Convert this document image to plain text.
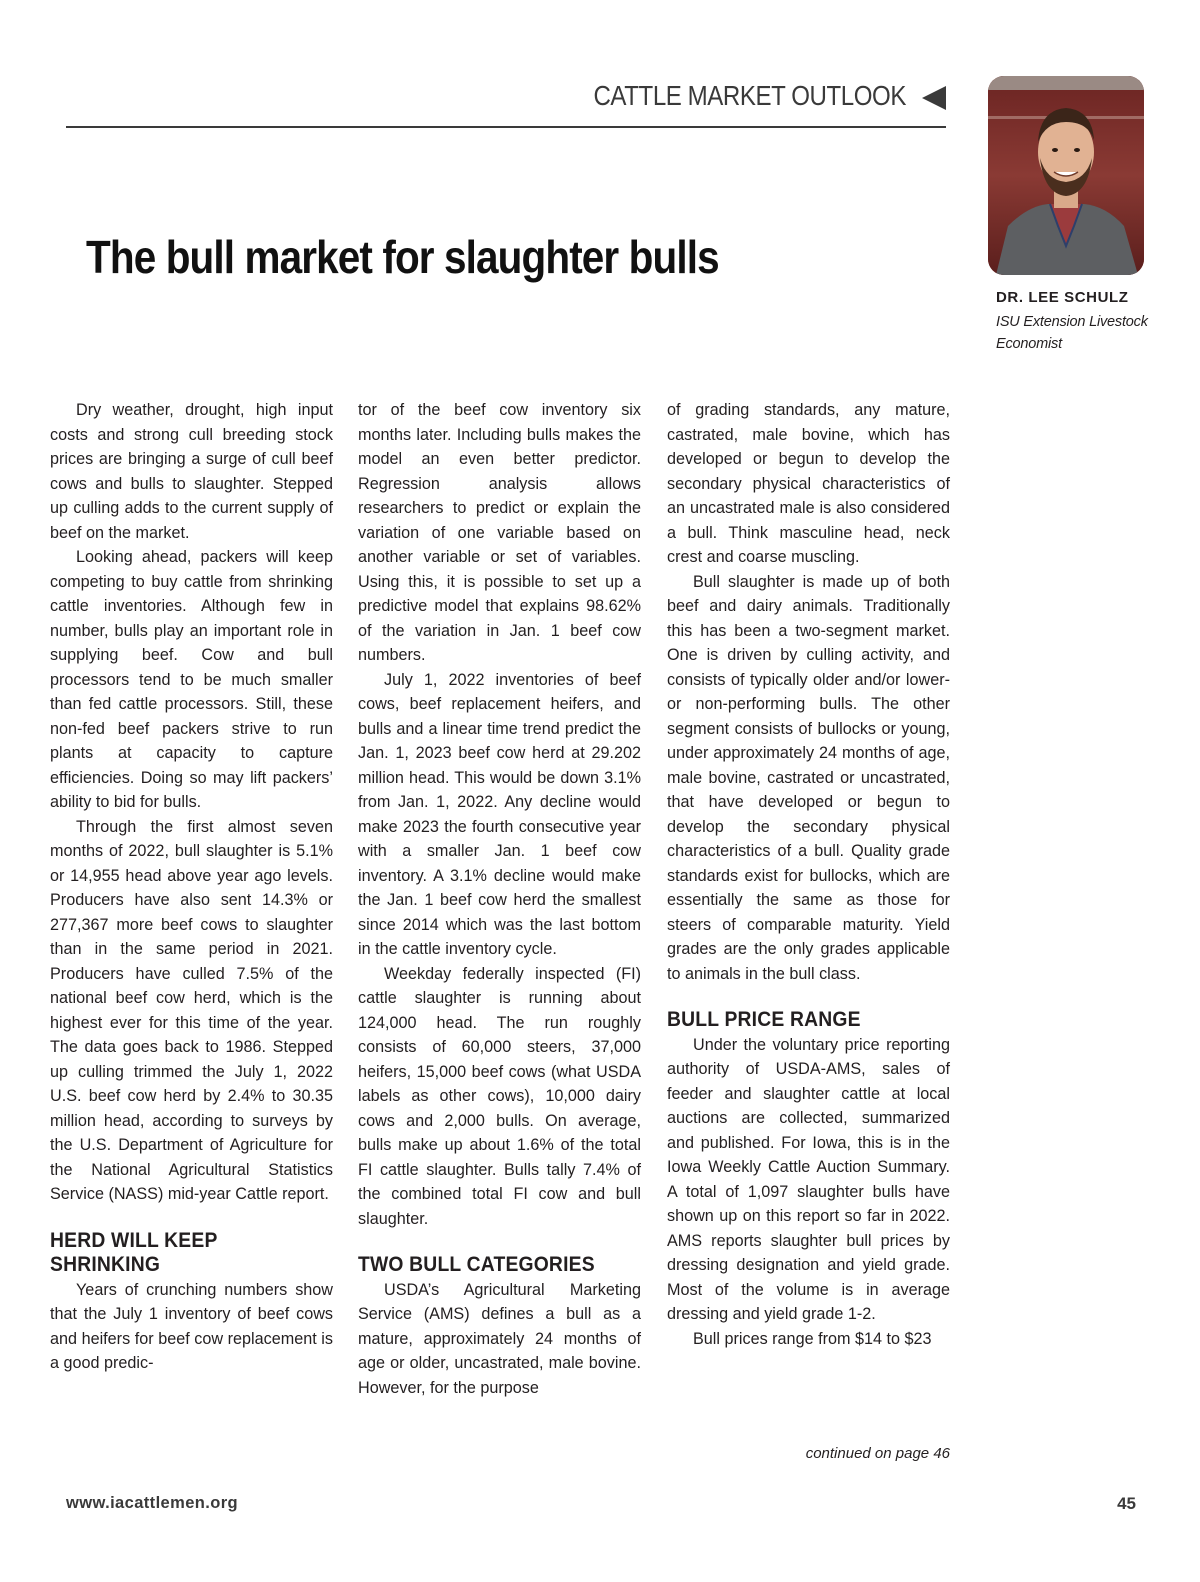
CATTLE MARKET OUTLOOK
DR. LEE SCHULZ
ISU Extension Livestock Economist
The bull market for slaughter bulls

Dry weather, drought, high input costs and strong cull breeding stock prices are bringing a surge of cull beef cows and bulls to slaughter. Stepped up culling adds to the current supply of beef on the market.

Looking ahead, packers will keep competing to buy cattle from shrinking cattle inventories. Although few in number, bulls play an important role in supplying beef. Cow and bull processors tend to be much smaller than fed cattle processors. Still, these non-fed beef packers strive to run plants at capacity to capture efficiencies. Doing so may lift packers’ ability to bid for bulls.

Through the first almost seven months of 2022, bull slaughter is 5.1% or 14,955 head above year ago levels. Producers have also sent 14.3% or 277,367 more beef cows to slaughter than in the same period in 2021. Producers have culled 7.5% of the national beef cow herd, which is the highest ever for this time of the year. The data goes back to 1986. Stepped up culling trimmed the July 1, 2022 U.S. beef cow herd by 2.4% to 30.35 million head, according to surveys by the U.S. Department of Agriculture for the National Agricultural Statistics Service (NASS) mid-year Cattle report.

HERD WILL KEEP SHRINKING

Years of crunching numbers show that the July 1 inventory of beef cows and heifers for beef cow replacement is a good predic-

tor of the beef cow inventory six months later. Including bulls makes the model an even better predictor. Regression analysis allows researchers to predict or explain the variation of one variable based on another variable or set of variables. Using this, it is possible to set up a predictive model that explains 98.62% of the variation in Jan. 1 beef cow numbers.

July 1, 2022 inventories of beef cows, beef replacement heifers, and bulls and a linear time trend predict the Jan. 1, 2023 beef cow herd at 29.202 million head. This would be down 3.1% from Jan. 1, 2022. Any decline would make 2023 the fourth consecutive year with a smaller Jan. 1 beef cow inventory. A 3.1% decline would make the Jan. 1 beef cow herd the smallest since 2014 which was the last bottom in the cattle inventory cycle.

Weekday federally inspected (FI) cattle slaughter is running about 124,000 head. The run roughly consists of 60,000 steers, 37,000 heifers, 15,000 beef cows (what USDA labels as other cows), 10,000 dairy cows and 2,000 bulls. On average, bulls make up about 1.6% of the total FI cattle slaughter. Bulls tally 7.4% of the combined total FI cow and bull slaughter.

TWO BULL CATEGORIES

USDA’s Agricultural Marketing Service (AMS) defines a bull as a mature, approximately 24 months of age or older, uncastrated, male bovine. However, for the purpose

of grading standards, any mature, castrated, male bovine, which has developed or begun to develop the secondary physical characteristics of an uncastrated male is also considered a bull. Think masculine head, neck crest and coarse muscling.

Bull slaughter is made up of both beef and dairy animals. Traditionally this has been a two-segment market. One is driven by culling activity, and consists of typically older and/or lower- or non-performing bulls. The other segment consists of bullocks or young, under approximately 24 months of age, male bovine, castrated or uncastrated, that have developed or begun to develop the secondary physical characteristics of a bull. Quality grade standards exist for bullocks, which are essentially the same as those for steers of comparable maturity. Yield grades are the only grades applicable to animals in the bull class.

BULL PRICE RANGE

Under the voluntary price reporting authority of USDA-AMS, sales of feeder and slaughter cattle at local auctions are collected, summarized and published. For Iowa, this is in the Iowa Weekly Cattle Auction Summary. A total of 1,097 slaughter bulls have shown up on this report so far in 2022. AMS reports slaughter bull prices by dressing designation and yield grade. Most of the volume is in average dressing and yield grade 1-2.

Bull prices range from $14 to $23

continued on page 46
www.iacattlemen.org	45
